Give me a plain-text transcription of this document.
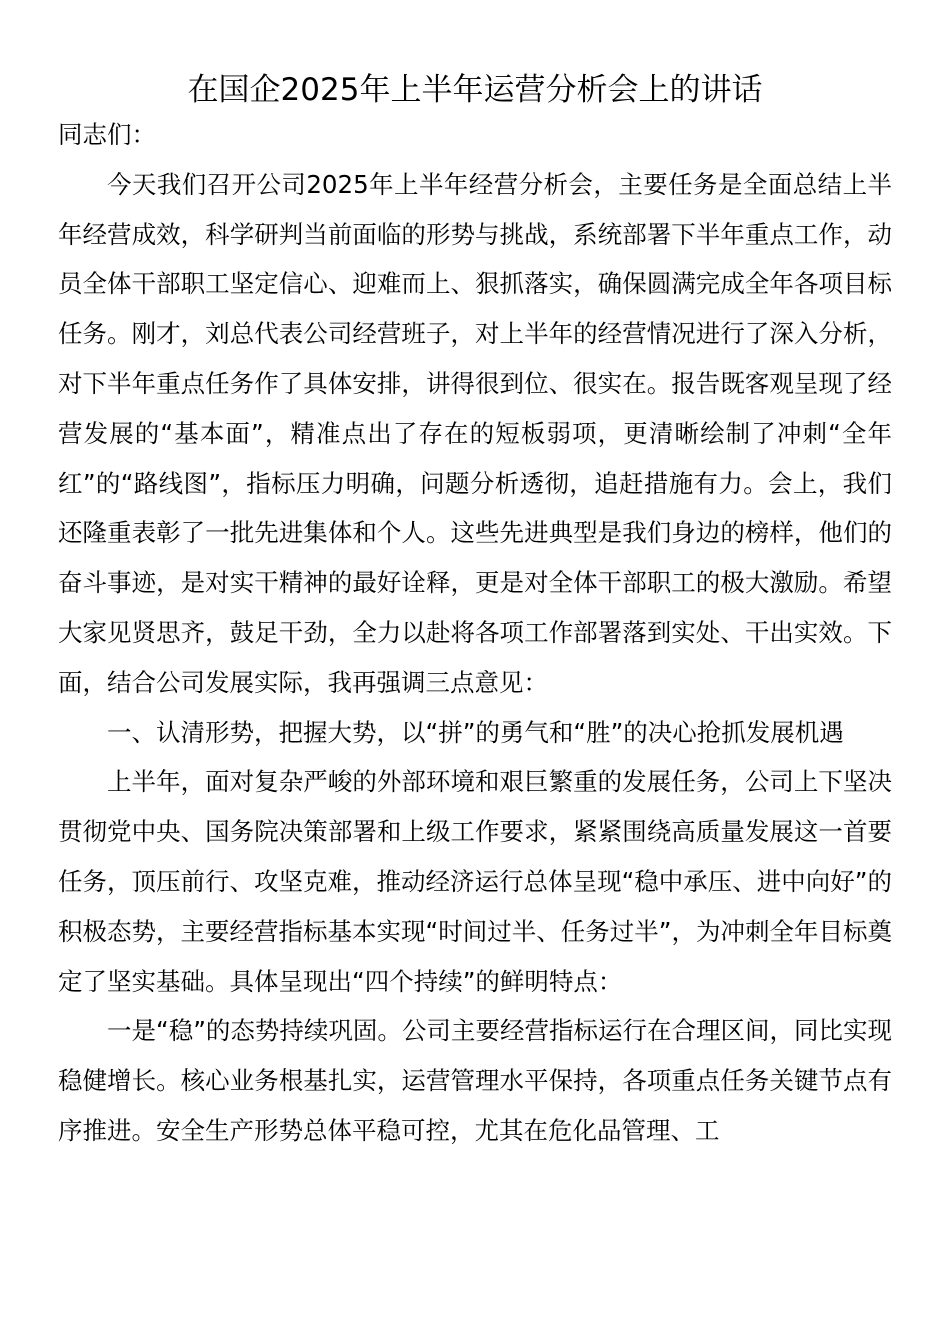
在国企2025年上半年运营分析会上的讲话

同志们：

今天我们召开公司2025年上半年经营分析会，主要任务是全面总结上半年经营成效，科学研判当前面临的形势与挑战，系统部署下半年重点工作，动员全体干部职工坚定信心、迎难而上、狠抓落实，确保圆满完成全年各项目标任务。刚才，刘总代表公司经营班子，对上半年的经营情况进行了深入分析，对下半年重点任务作了具体安排，讲得很到位、很实在。报告既客观呈现了经营发展的“基本面”，精准点出了存在的短板弱项，更清晰绘制了冲刺“全年红”的“路线图”，指标压力明确，问题分析透彻，追赶措施有力。会上，我们还隆重表彰了一批先进集体和个人。这些先进典型是我们身边的榜样，他们的奋斗事迹，是对实干精神的最好诠释，更是对全体干部职工的极大激励。希望大家见贤思齐，鼓足干劲，全力以赴将各项工作部署落到实处、干出实效。下面，结合公司发展实际，我再强调三点意见：

一、认清形势，把握大势，以“拼”的勇气和“胜”的决心抢抓发展机遇

上半年，面对复杂严峻的外部环境和艰巨繁重的发展任务，公司上下坚决贯彻党中央、国务院决策部署和上级工作要求，紧紧围绕高质量发展这一首要任务，顶压前行、攻坚克难，推动经济运行总体呈现“稳中承压、进中向好”的积极态势，主要经营指标基本实现“时间过半、任务过半”，为冲刺全年目标奠定了坚实基础。具体呈现出“四个持续”的鲜明特点：

一是“稳”的态势持续巩固。公司主要经营指标运行在合理区间，同比实现稳健增长。核心业务根基扎实，运营管理水平保持，各项重点任务关键节点有序推进。安全生产形势总体平稳可控，尤其在危化品管理、工
